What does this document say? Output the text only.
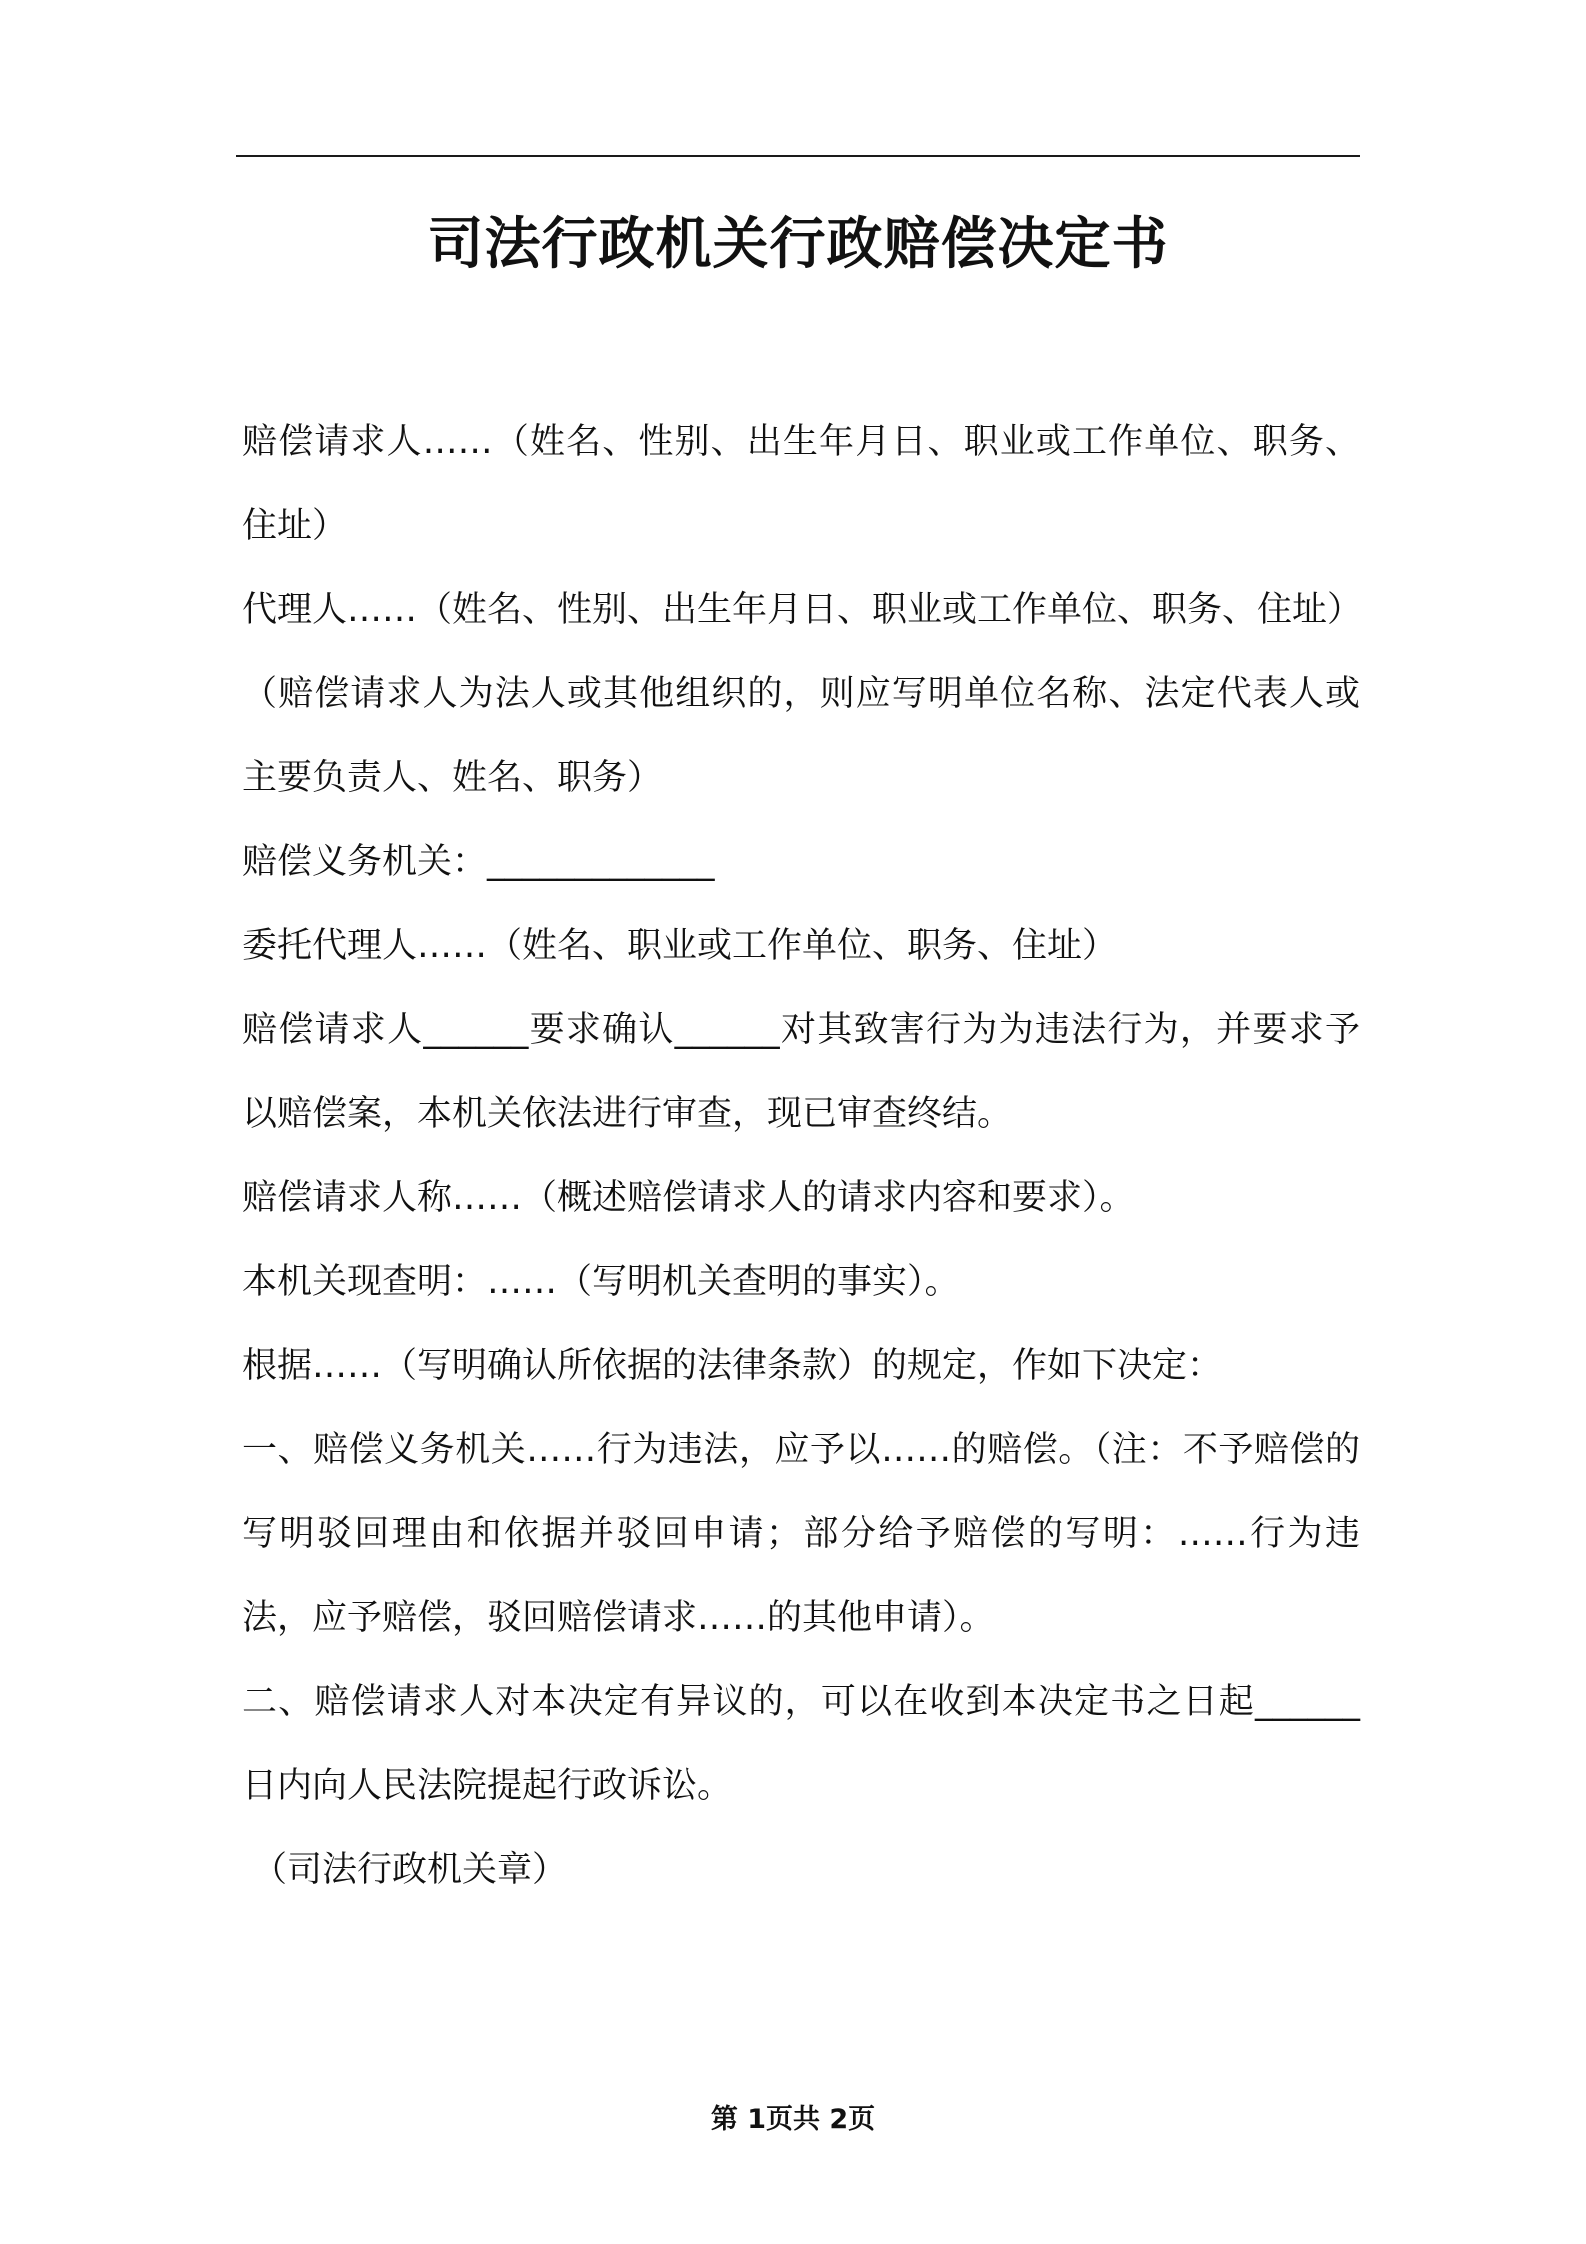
司法行政机关行政赔偿决定书

赔偿请求人……（姓名、性别、出生年月日、职业或工作单位、职务、住址）

代理人……（姓名、性别、出生年月日、职业或工作单位、职务、住址）

（赔偿请求人为法人或其他组织的，则应写明单位名称、法定代表人或主要负责人、姓名、职务）

赔偿义务机关：_____________

委托代理人……（姓名、职业或工作单位、职务、住址）

赔偿请求人______要求确认______对其致害行为为违法行为，并要求予以赔偿案，本机关依法进行审查，现已审查终结。

赔偿请求人称……（概述赔偿请求人的请求内容和要求）。

本机关现查明：……（写明机关查明的事实）。

根据……（写明确认所依据的法律条款）的规定，作如下决定：

一、赔偿义务机关……行为违法，应予以……的赔偿。（注：不予赔偿的写明驳回理由和依据并驳回申请；部分给予赔偿的写明：……行为违法，应予赔偿，驳回赔偿请求……的其他申请）。

二、赔偿请求人对本决定有异议的，可以在收到本决定书之日起______日内向人民法院提起行政诉讼。

（司法行政机关章）

第 1页共 2页
